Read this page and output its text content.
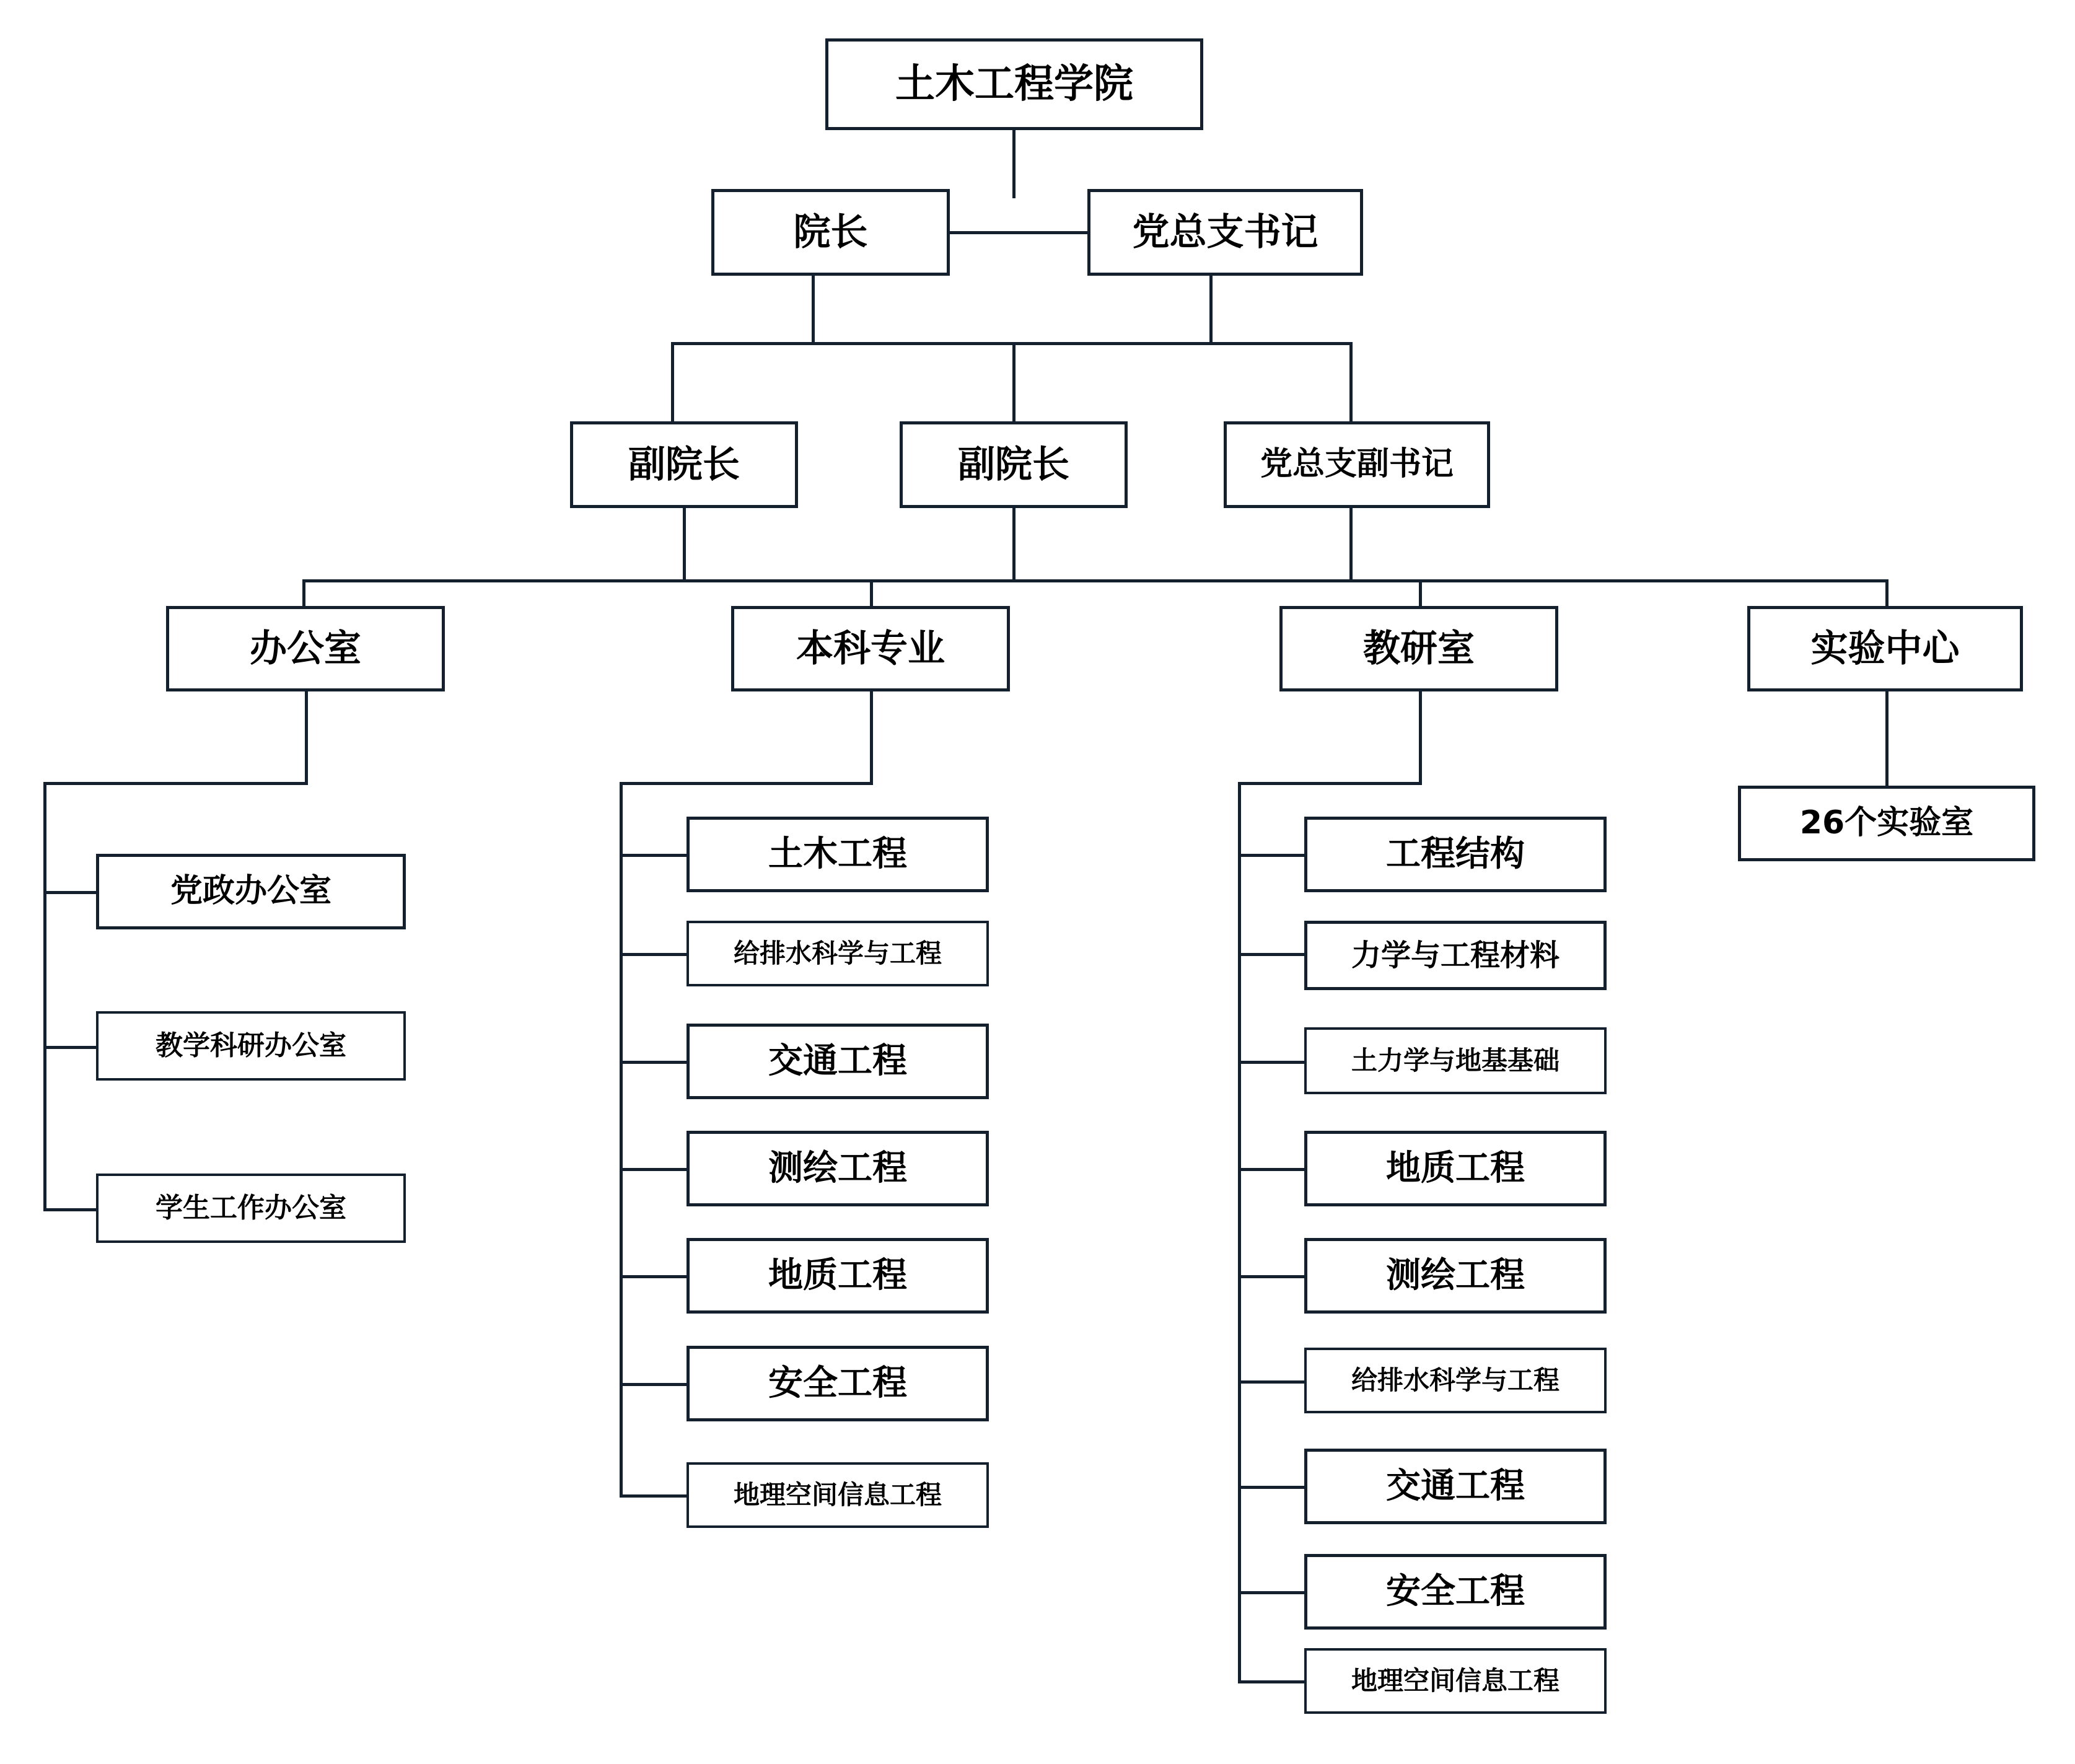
土木工程学院
院长	党总支书记
副院长	副院长	党总支副书记
办公室	本科专业	教研室	实验中心
党政办公室
教学科研办公室
学生工作办公室
土木工程
给排水科学与工程
交通工程
测绘工程
地质工程
安全工程
地理空间信息工程
工程结构
力学与工程材料
土力学与地基基础
地质工程
测绘工程
给排水科学与工程
交通工程
安全工程
地理空间信息工程
26个实验室
